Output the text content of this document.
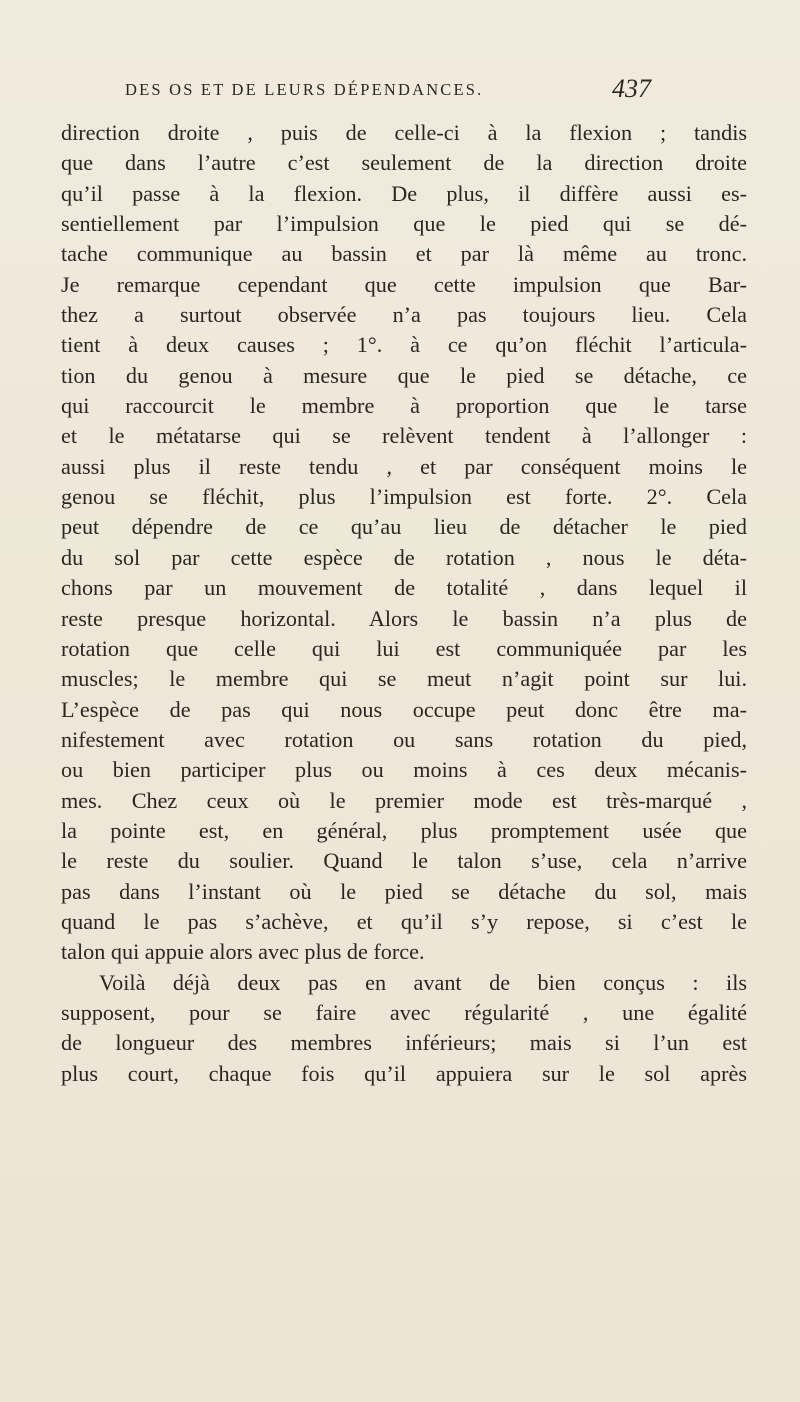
DES OS ET DE LEURS DÉPENDANCES.	437
direction droite , puis de celle-ci à la flexion ; tandis
que dans l’autre c’est seulement de la direction droite
qu’il passe à la flexion. De plus, il diffère aussi es-
sentiellement par l’impulsion que le pied qui se dé-
tache communique au bassin et par là même au tronc.
Je remarque cependant que cette impulsion que Bar-
thez a surtout observée n’a pas toujours lieu. Cela
tient à deux causes ; 1°. à ce qu’on fléchit l’articula-
tion du genou à mesure que le pied se détache, ce
qui raccourcit le membre à proportion que le tarse
et le métatarse qui se relèvent tendent à l’allonger :
aussi plus il reste tendu , et par conséquent moins le
genou se fléchit, plus l’impulsion est forte. 2°. Cela
peut dépendre de ce qu’au lieu de détacher le pied
du sol par cette espèce de rotation , nous le déta-
chons par un mouvement de totalité , dans lequel il
reste presque horizontal. Alors le bassin n’a plus de
rotation que celle qui lui est communiquée par les
muscles; le membre qui se meut n’agit point sur lui.
L’espèce de pas qui nous occupe peut donc être ma-
nifestement avec rotation ou sans rotation du pied,
ou bien participer plus ou moins à ces deux mécanis-
mes. Chez ceux où le premier mode est très-marqué ,
la pointe est, en général, plus promptement usée que
le reste du soulier. Quand le talon s’use, cela n’arrive
pas dans l’instant où le pied se détache du sol, mais
quand le pas s’achève, et qu’il s’y repose, si c’est le
talon qui appuie alors avec plus de force.
Voilà déjà deux pas en avant de bien conçus : ils
supposent, pour se faire avec régularité , une égalité
de longueur des membres inférieurs; mais si l’un est
plus court, chaque fois qu’il appuiera sur le sol après
